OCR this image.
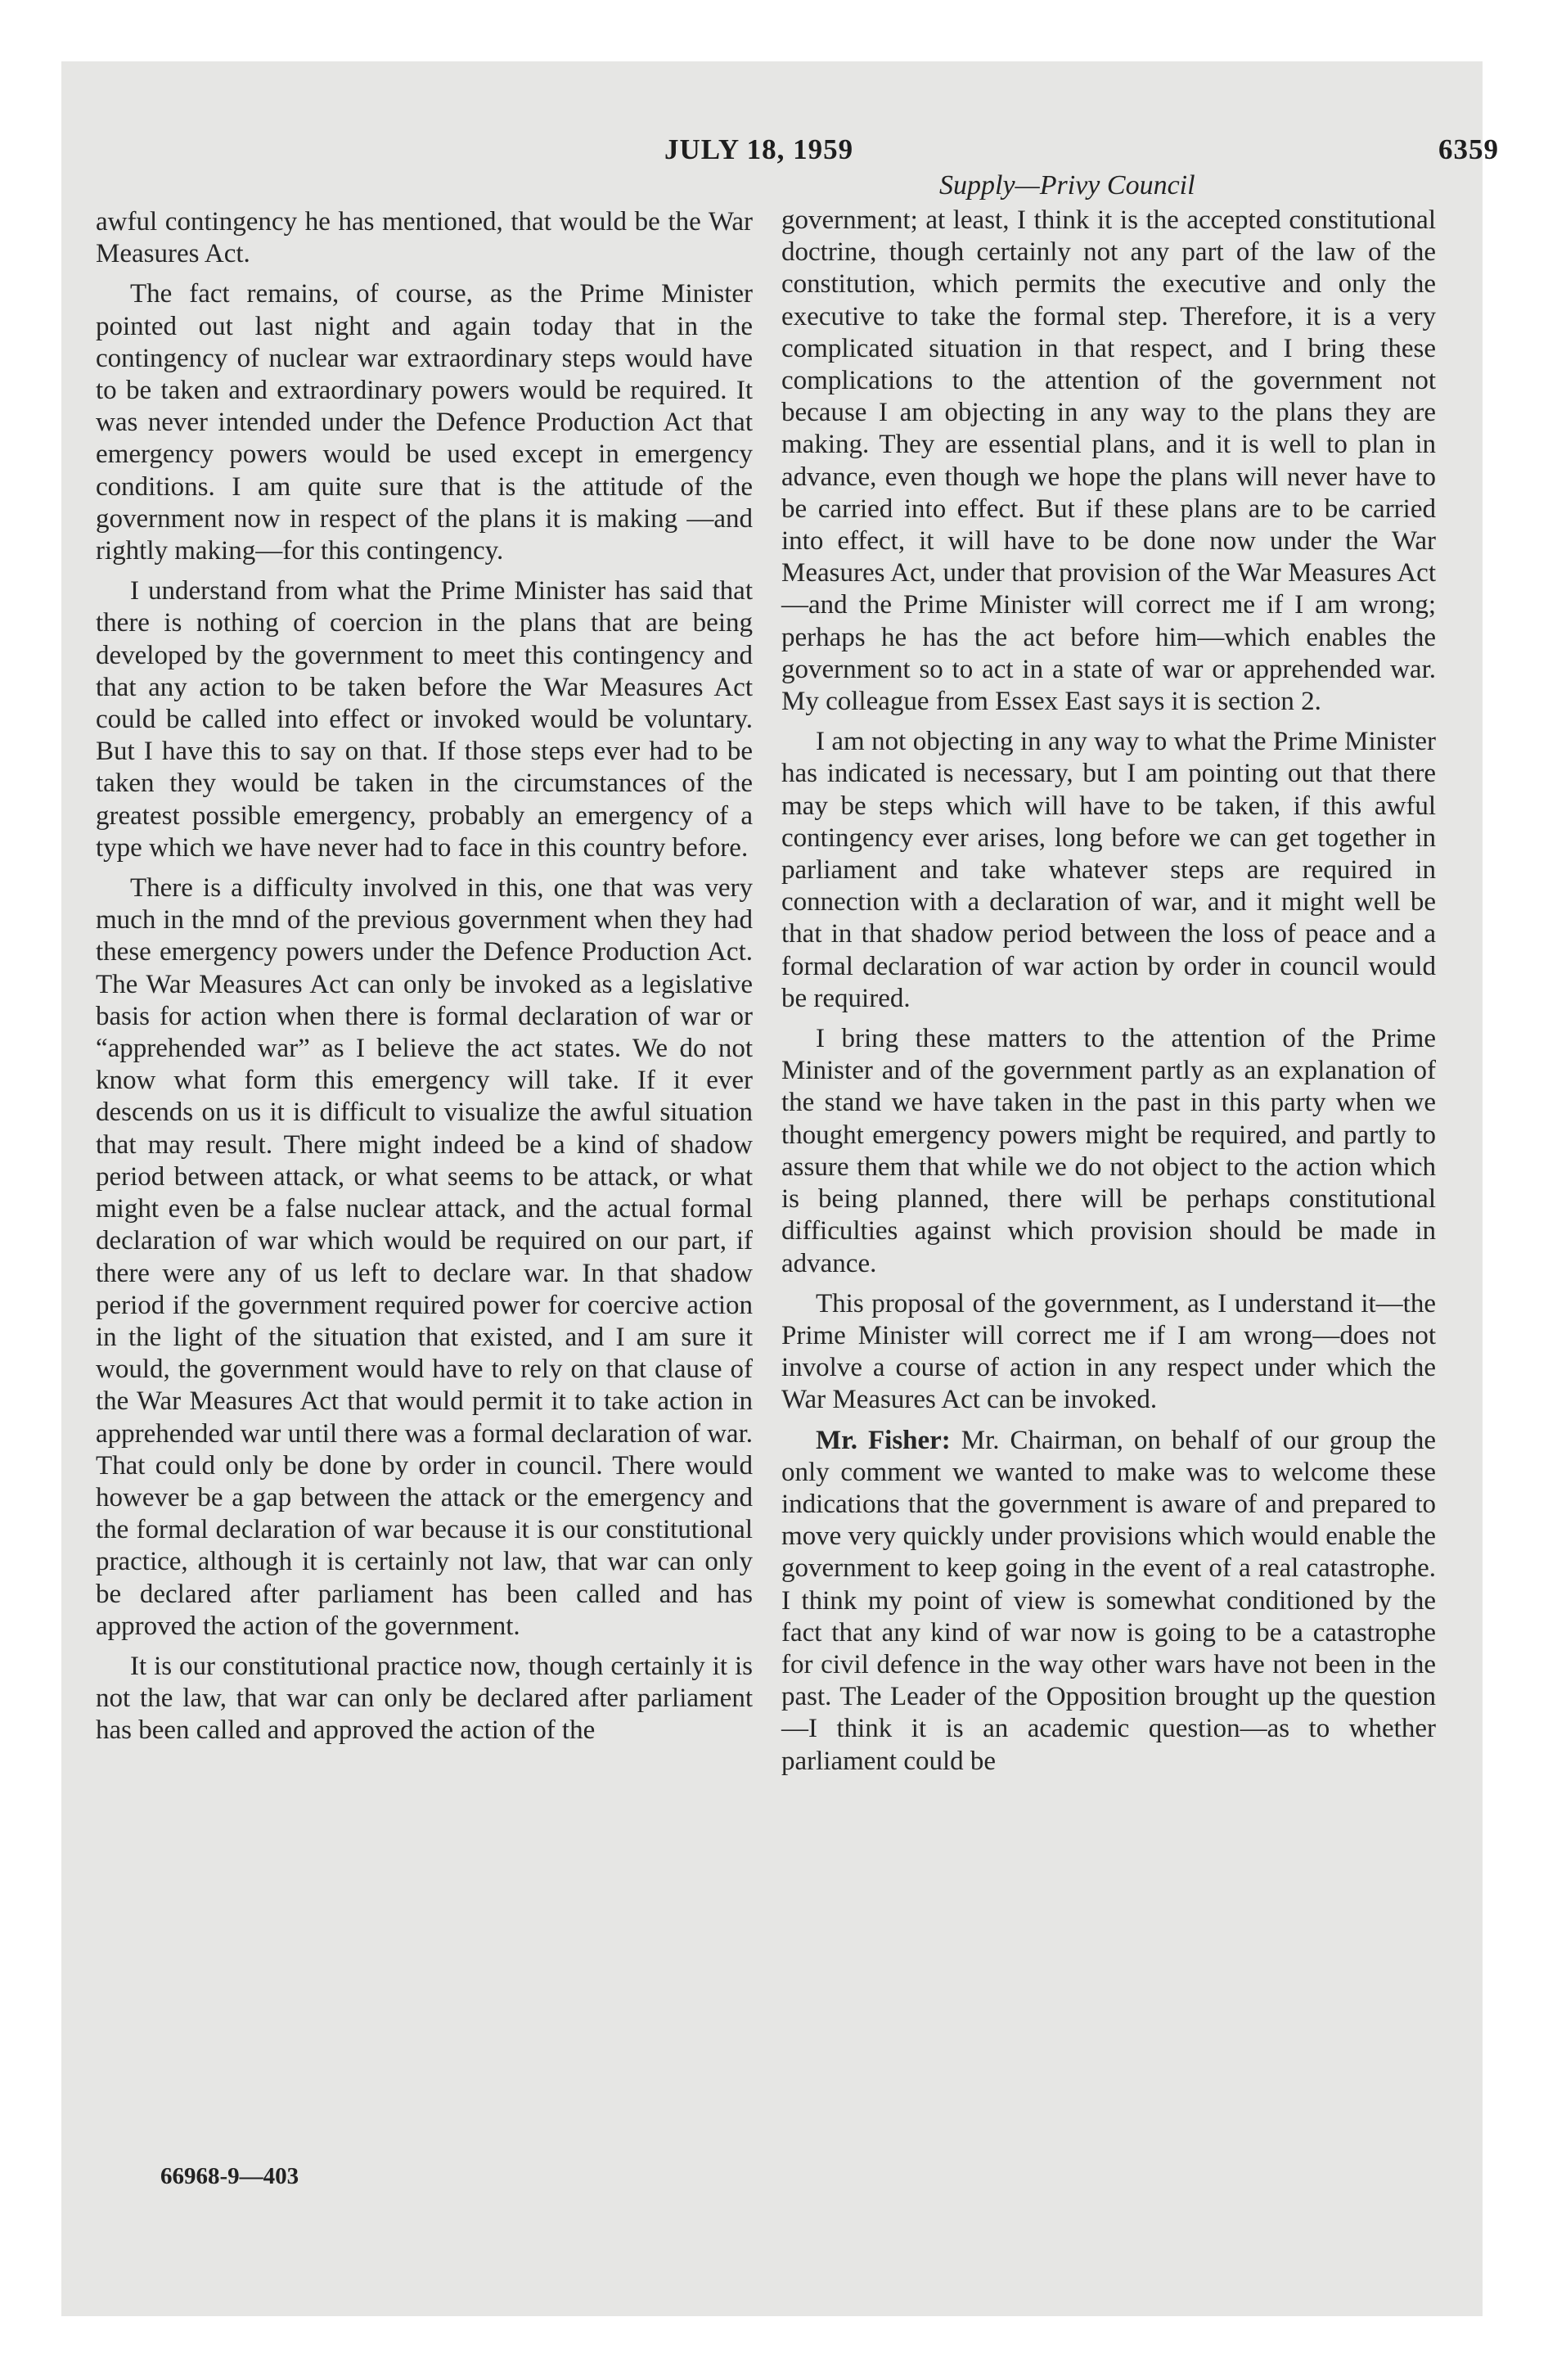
JULY 18, 1959	6359
Supply—Privy Council

awful contingency he has mentioned, that would be the War Measures Act.

The fact remains, of course, as the Prime Minister pointed out last night and again today that in the contingency of nuclear war extraordinary steps would have to be taken and extraordinary powers would be required. It was never intended under the Defence Production Act that emergency powers would be used except in emergency conditions. I am quite sure that is the attitude of the government now in respect of the plans it is making —and rightly making—for this contingency.

I understand from what the Prime Minister has said that there is nothing of coercion in the plans that are being developed by the government to meet this contingency and that any action to be taken before the War Measures Act could be called into effect or invoked would be voluntary. But I have this to say on that. If those steps ever had to be taken they would be taken in the circumstances of the greatest possible emergency, probably an emergency of a type which we have never had to face in this country before.

There is a difficulty involved in this, one that was very much in the mnd of the previous government when they had these emergency powers under the Defence Production Act. The War Measures Act can only be invoked as a legislative basis for action when there is formal declaration of war or “apprehended war” as I believe the act states. We do not know what form this emergency will take. If it ever descends on us it is difficult to visualize the awful situation that may result. There might indeed be a kind of shadow period between attack, or what seems to be attack, or what might even be a false nuclear attack, and the actual formal declaration of war which would be required on our part, if there were any of us left to declare war. In that shadow period if the government required power for coercive action in the light of the situation that existed, and I am sure it would, the government would have to rely on that clause of the War Measures Act that would permit it to take action in apprehended war until there was a formal declaration of war. That could only be done by order in council. There would however be a gap between the attack or the emergency and the formal declaration of war because it is our constitutional practice, although it is certainly not law, that war can only be declared after parliament has been called and has approved the action of the government.

It is our constitutional practice now, though certainly it is not the law, that war can only be declared after parliament has been called and approved the action of the

66968-9—403

government; at least, I think it is the accepted constitutional doctrine, though certainly not any part of the law of the constitution, which permits the executive and only the executive to take the formal step. Therefore, it is a very complicated situation in that respect, and I bring these complications to the attention of the government not because I am objecting in any way to the plans they are making. They are essential plans, and it is well to plan in advance, even though we hope the plans will never have to be carried into effect. But if these plans are to be carried into effect, it will have to be done now under the War Measures Act, under that provision of the War Measures Act—and the Prime Minister will correct me if I am wrong; perhaps he has the act before him—which enables the government so to act in a state of war or apprehended war. My colleague from Essex East says it is section 2.

I am not objecting in any way to what the Prime Minister has indicated is necessary, but I am pointing out that there may be steps which will have to be taken, if this awful contingency ever arises, long before we can get together in parliament and take whatever steps are required in connection with a declaration of war, and it might well be that in that shadow period between the loss of peace and a formal declaration of war action by order in council would be required.

I bring these matters to the attention of the Prime Minister and of the government partly as an explanation of the stand we have taken in the past in this party when we thought emergency powers might be required, and partly to assure them that while we do not object to the action which is being planned, there will be perhaps constitutional difficulties against which provision should be made in advance.

This proposal of the government, as I understand it—the Prime Minister will correct me if I am wrong—does not involve a course of action in any respect under which the War Measures Act can be invoked.

Mr. Fisher: Mr. Chairman, on behalf of our group the only comment we wanted to make was to welcome these indications that the government is aware of and prepared to move very quickly under provisions which would enable the government to keep going in the event of a real catastrophe. I think my point of view is somewhat conditioned by the fact that any kind of war now is going to be a catastrophe for civil defence in the way other wars have not been in the past. The Leader of the Opposition brought up the question—I think it is an academic question—as to whether parliament could be
